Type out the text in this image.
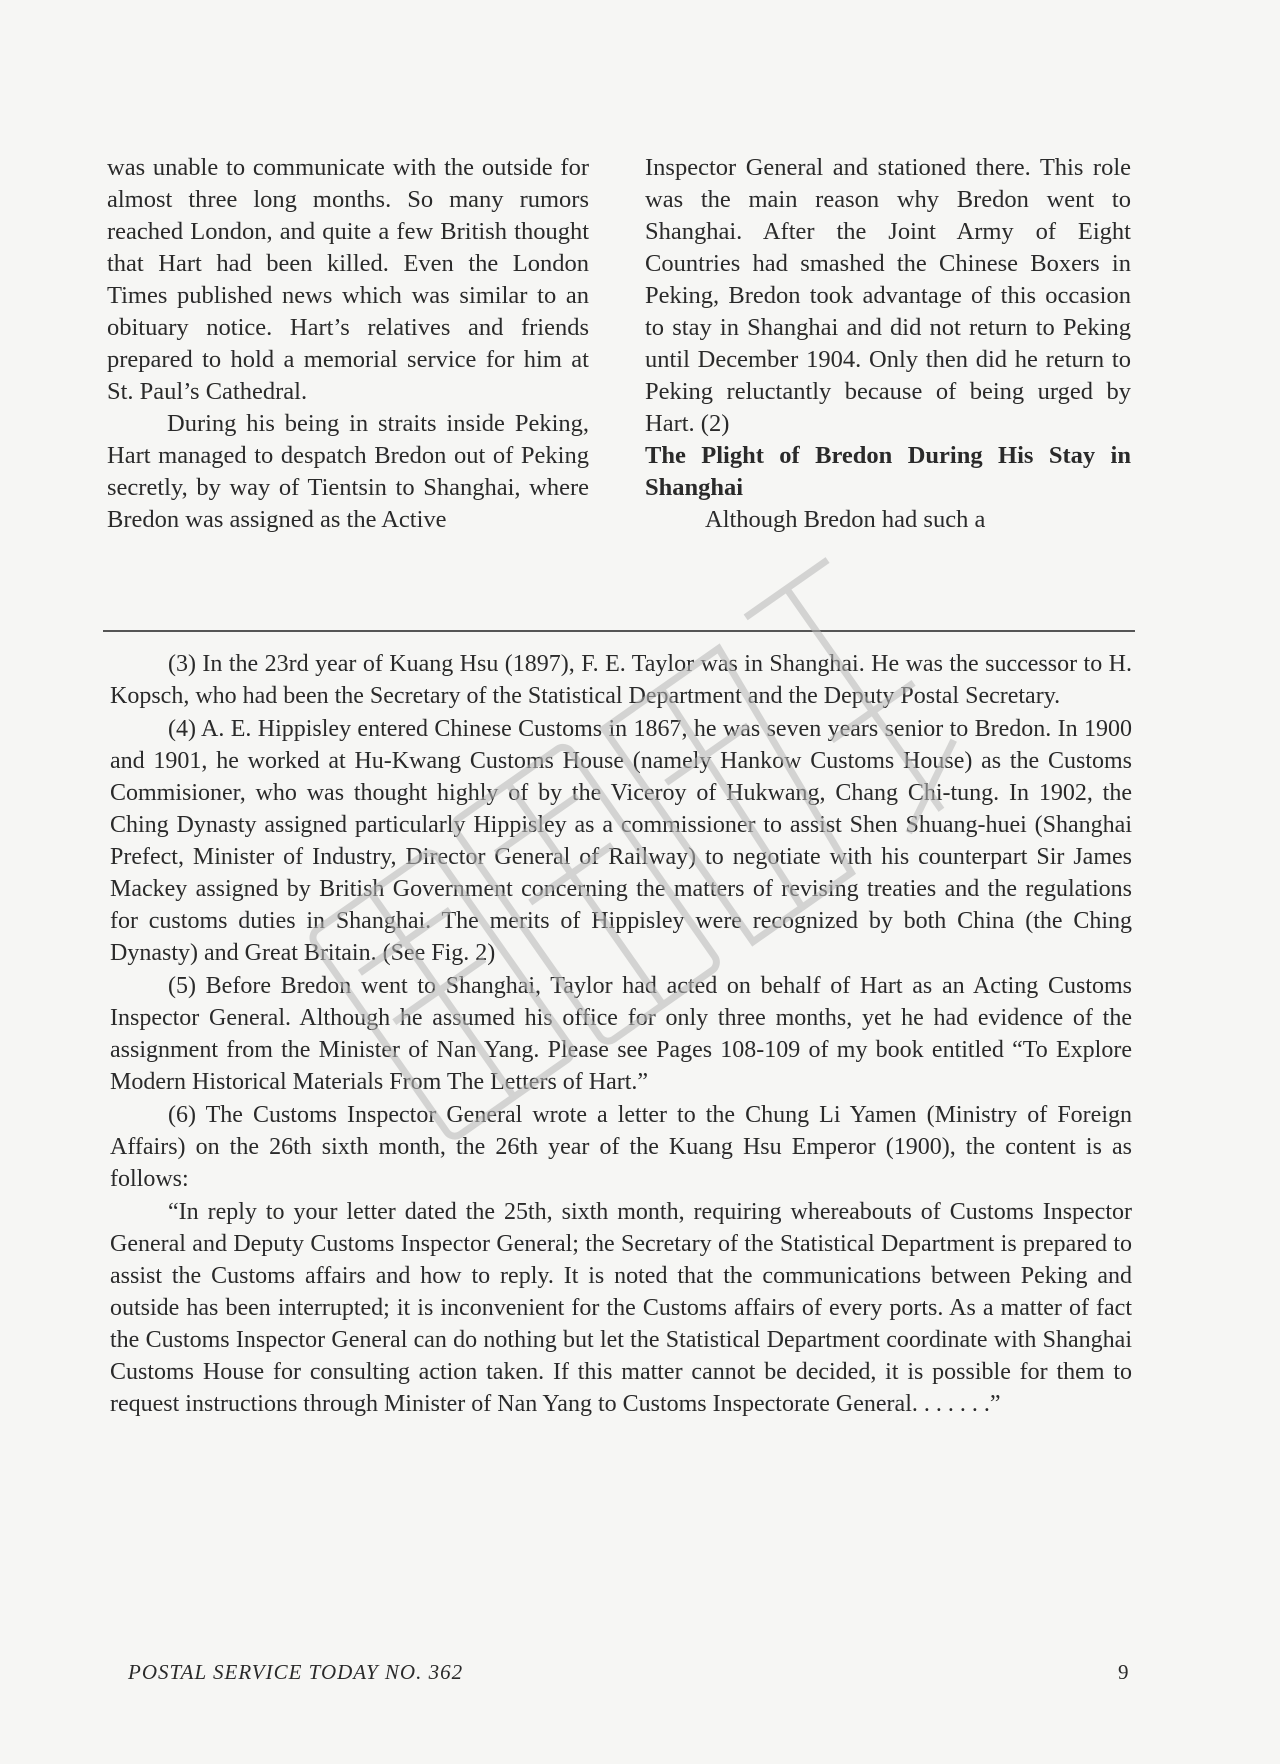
was unable to communicate with the outside for almost three long months. So many rumors reached London, and quite a few British thought that Hart had been killed. Even the London Times published news which was similar to an obituary notice. Hart’s relatives and friends prepared to hold a memorial service for him at St. Paul’s Cathedral.

During his being in straits inside Peking, Hart managed to despatch Bredon out of Peking secretly, by way of Tientsin to Shanghai, where Bredon was assigned as the Active

Inspector General and stationed there. This role was the main reason why Bredon went to Shanghai. After the Joint Army of Eight Countries had smashed the Chinese Boxers in Peking, Bredon took advantage of this occasion to stay in Shanghai and did not return to Peking until December 1904. Only then did he return to Peking reluctantly because of being urged by Hart. (2)

The Plight of Bredon During His Stay in Shanghai

Although Bredon had such a

(3) In the 23rd year of Kuang Hsu (1897), F. E. Taylor was in Shanghai. He was the successor to H. Kopsch, who had been the Secretary of the Statistical Department and the Deputy Postal Secretary.

(4) A. E. Hippisley entered Chinese Customs in 1867, he was seven years senior to Bredon. In 1900 and 1901, he worked at Hu-Kwang Customs House (namely Hankow Customs House) as the Customs Commisioner, who was thought highly of by the Viceroy of Hukwang, Chang Chi-tung. In 1902, the Ching Dynasty assigned particularly Hippisley as a commissioner to assist Shen Shuang-huei (Shanghai Prefect, Minister of Industry, Director General of Railway) to negotiate with his counterpart Sir James Mackey assigned by British Government concerning the matters of revising treaties and the regulations for customs duties in Shanghai. The merits of Hippisley were recognized by both China (the Ching Dynasty) and Great Britain. (See Fig. 2)

(5) Before Bredon went to Shanghai, Taylor had acted on behalf of Hart as an Acting Customs Inspector General. Although he assumed his office for only three months, yet he had evidence of the assignment from the Minister of Nan Yang. Please see Pages 108-109 of my book entitled “To Explore Modern Historical Materials From The Letters of Hart.”

(6) The Customs Inspector General wrote a letter to the Chung Li Yamen (Ministry of Foreign Affairs) on the 26th sixth month, the 26th year of the Kuang Hsu Emperor (1900), the content is as follows:

“In reply to your letter dated the 25th, sixth month, requiring whereabouts of Customs Inspector General and Deputy Customs Inspector General; the Secretary of the Statistical Department is prepared to assist the Customs affairs and how to reply. It is noted that the communications between Peking and outside has been interrupted; it is inconvenient for the Customs affairs of every ports. As a matter of fact the Customs Inspector General can do nothing but let the Statistical Department coordinate with Shanghai Customs House for consulting action taken. If this matter cannot be decided, it is possible for them to request instructions through Minister of Nan Yang to Customs Inspectorate General. . . . . . .”

POSTAL SERVICE TODAY NO. 362	9
